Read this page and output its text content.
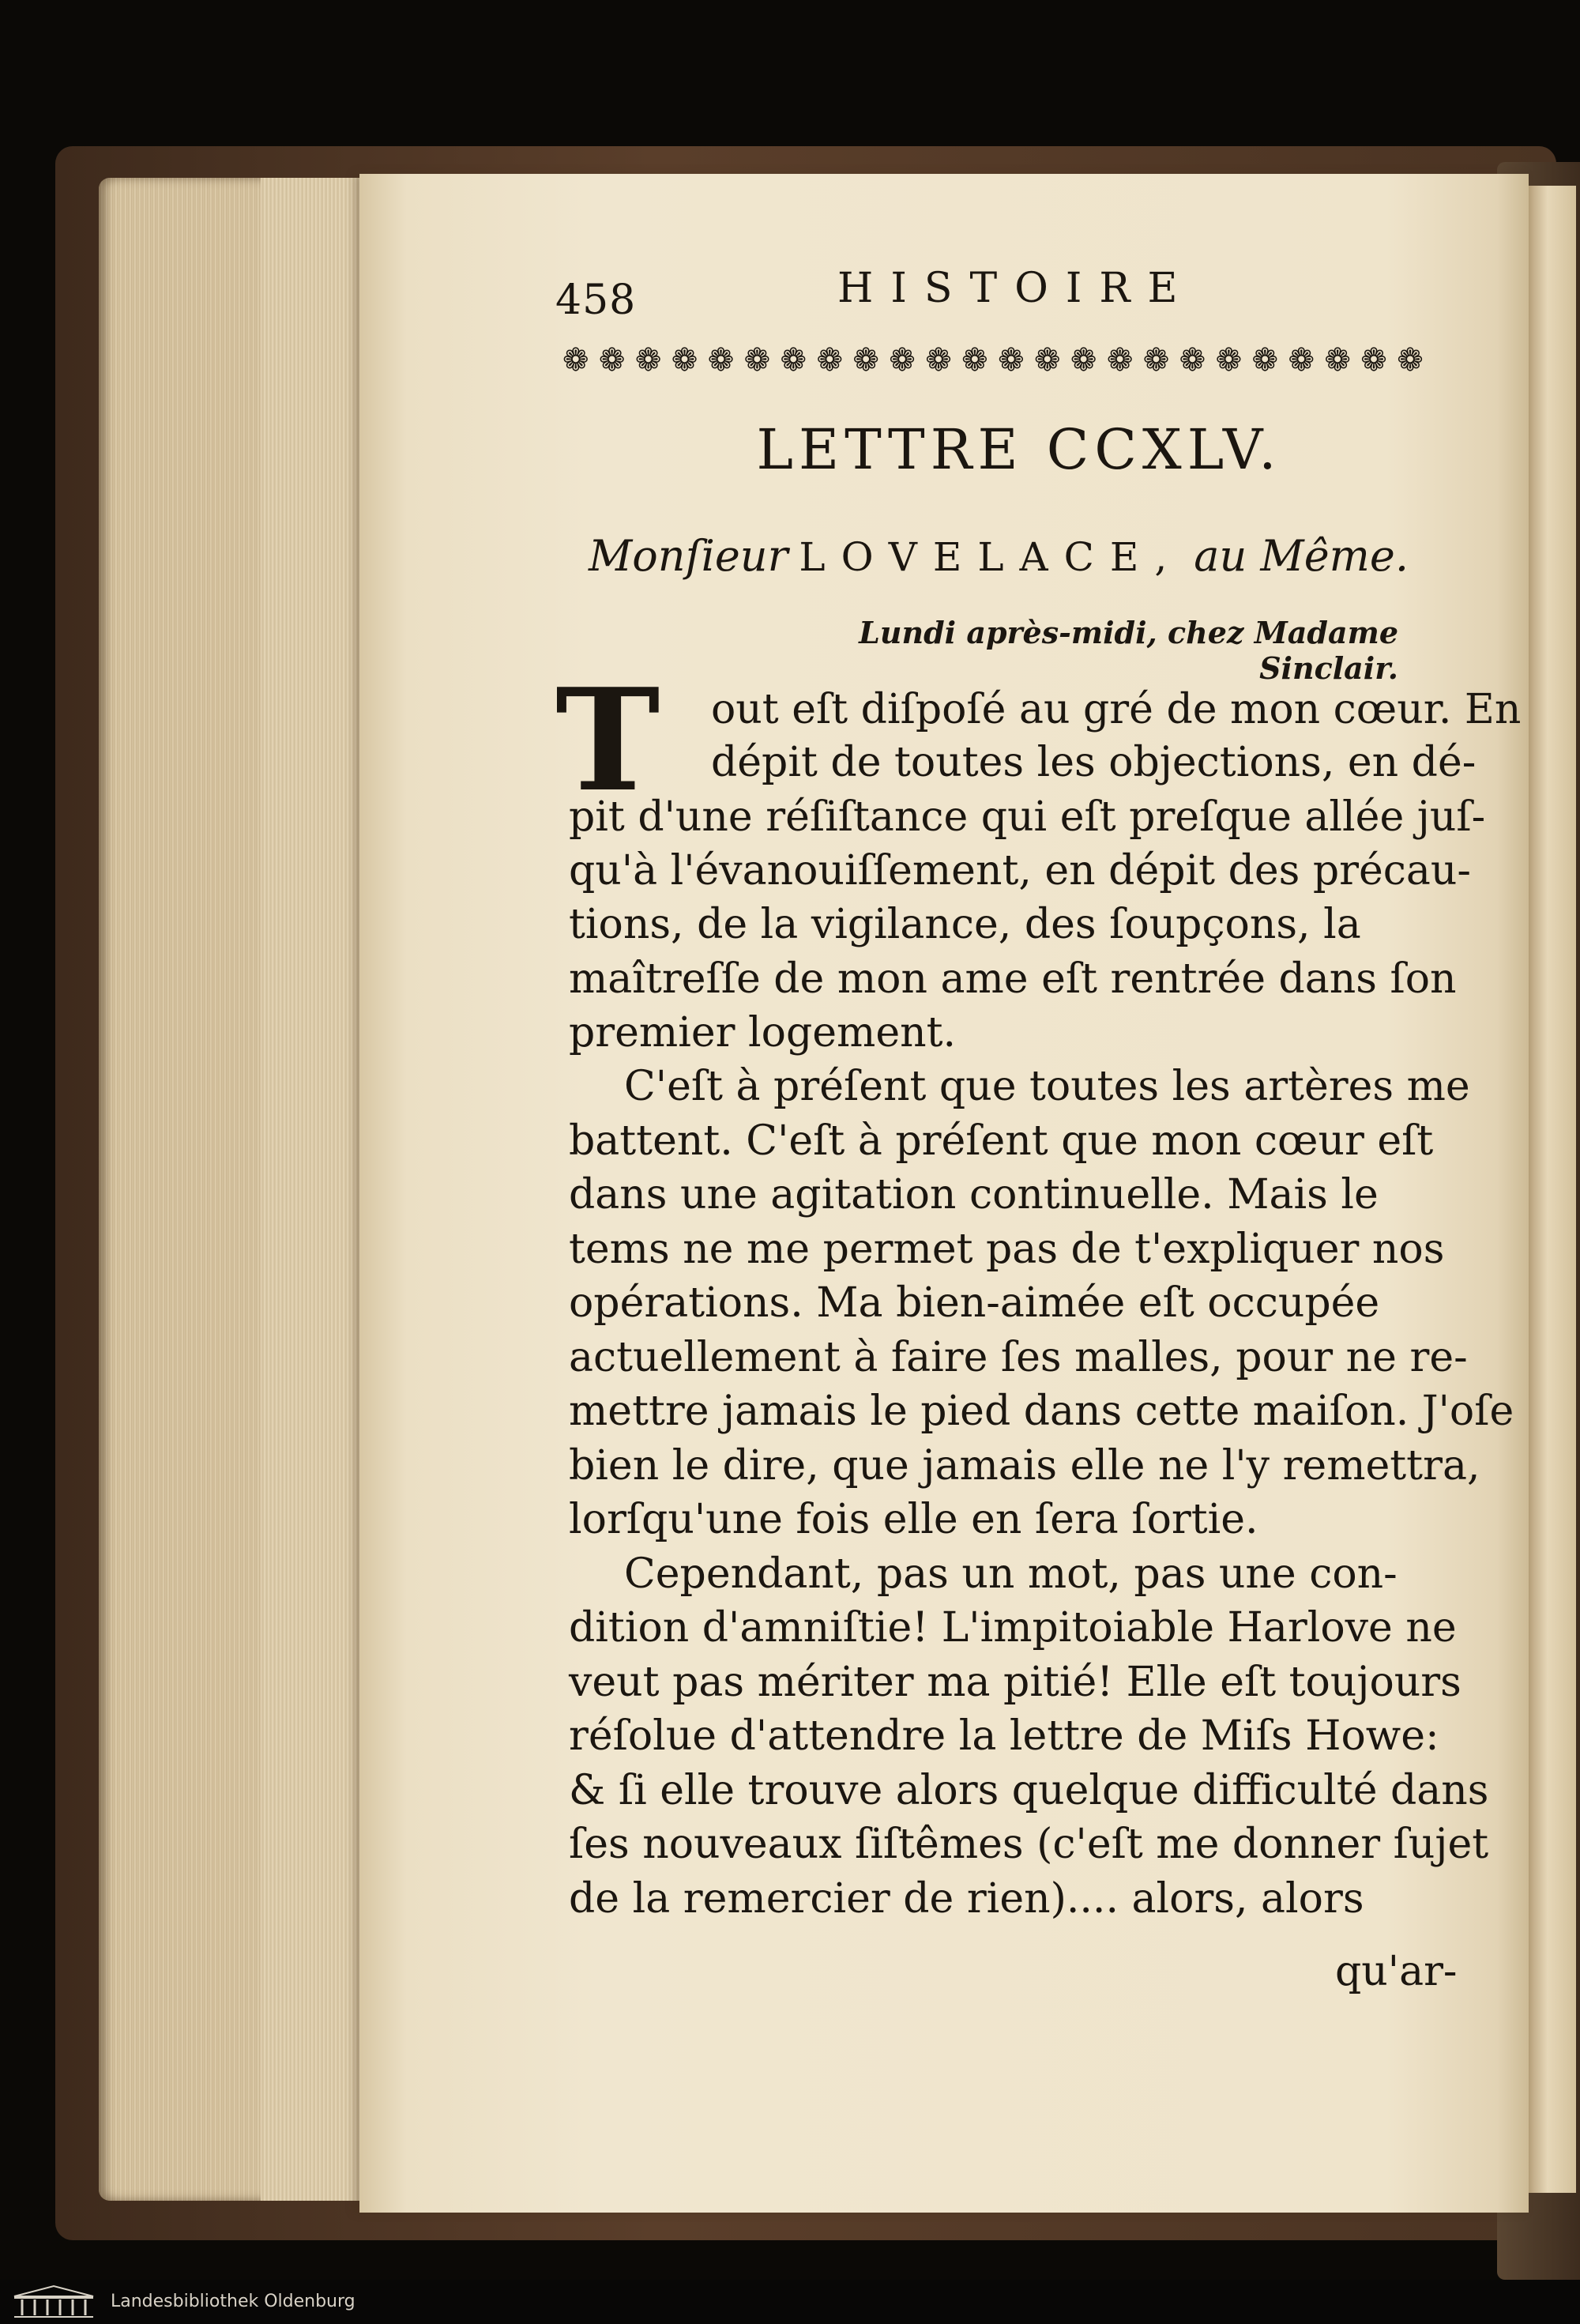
458	HISTOIRE
❁ ❁ ❁ ❁ ❁ ❁ ❁ ❁ ❁ ❁ ❁ ❁ ❁ ❁ ❁ ❁ ❁ ❁ ❁ ❁ ❁ ❁ ❁ ❁
LETTRE CCXLV.
Monſieur LOVELACE, au Même.
Lundi après-midi, chez Madame Sinclair.
T out eſt diſpoſé au gré de mon cœur. En
dépit de toutes les objections, en dé-
pit d'une réſiſtance qui eſt preſque allée juſ-
qu'à l'évanouiſſement, en dépit des précau-
tions, de la vigilance, des ſoupçons, la
maîtreſſe de mon ame eſt rentrée dans ſon
premier logement.
C'eſt à préſent que toutes les artères me
battent. C'eſt à préſent que mon cœur eſt
dans une agitation continuelle. Mais le
tems ne me permet pas de t'expliquer nos
opérations. Ma bien-aimée eſt occupée
actuellement à faire ſes malles, pour ne re-
mettre jamais le pied dans cette maiſon. J'oſe
bien le dire, que jamais elle ne l'y remettra,
lorſqu'une fois elle en ſera ſortie.
Cependant, pas un mot, pas une con-
dition d'amniſtie! L'impitoiable Harlove ne
veut pas mériter ma pitié! Elle eſt toujours
réſolue d'attendre la lettre de Miſs Howe:
& ſi elle trouve alors quelque difficulté dans
ſes nouveaux ſiſtêmes (c'eſt me donner ſujet
de la remercier de rien).... alors, alors
qu'ar-
Landesbibliothek Oldenburg
